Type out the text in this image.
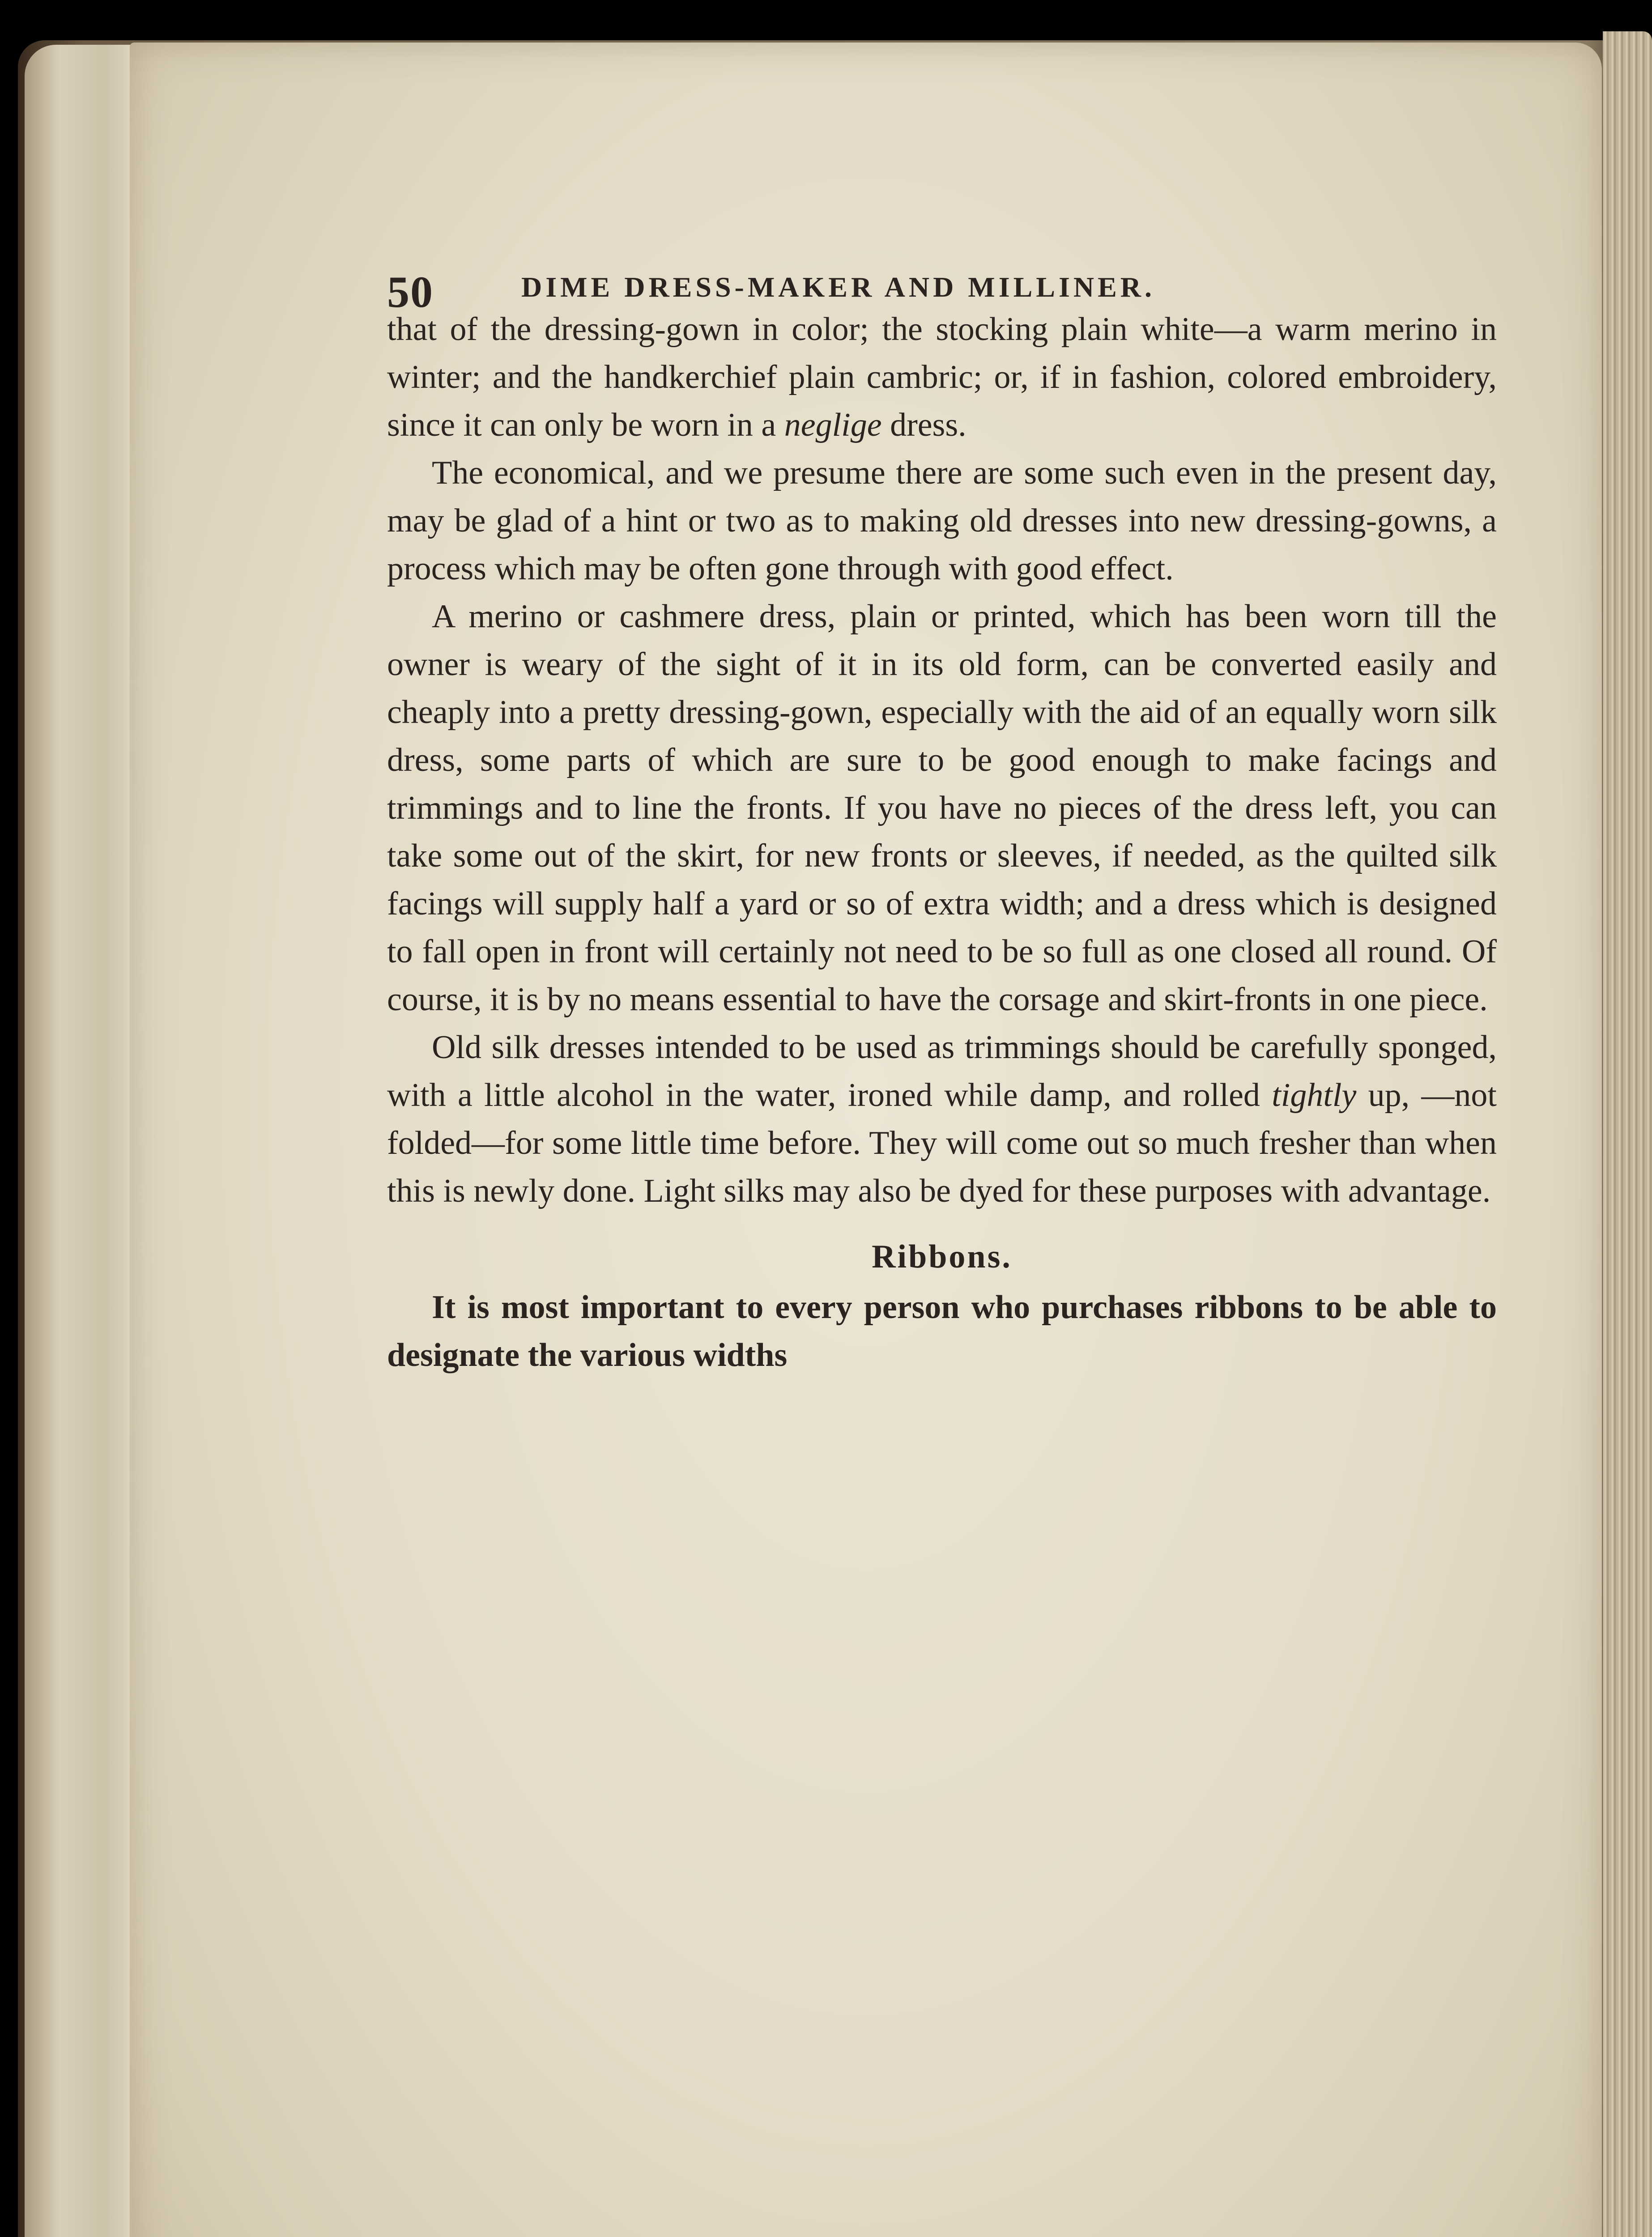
50	DIME DRESS-MAKER AND MILLINER.

that of the dressing-gown in color; the stocking plain white—a warm merino in winter; and the handkerchief plain cambric; or, if in fashion, colored embroidery, since it can only be worn in a neglige dress.

The economical, and we presume there are some such even in the present day, may be glad of a hint or two as to making old dresses into new dressing-gowns, a process which may be often gone through with good effect.

A merino or cashmere dress, plain or printed, which has been worn till the owner is weary of the sight of it in its old form, can be converted easily and cheaply into a pretty dressing-gown, especially with the aid of an equally worn silk dress, some parts of which are sure to be good enough to make facings and trimmings and to line the fronts. If you have no pieces of the dress left, you can take some out of the skirt, for new fronts or sleeves, if needed, as the quilted silk facings will supply half a yard or so of extra width; and a dress which is designed to fall open in front will certainly not need to be so full as one closed all round. Of course, it is by no means essential to have the corsage and skirt-fronts in one piece.

Old silk dresses intended to be used as trimmings should be carefully sponged, with a little alcohol in the water, ironed while damp, and rolled tightly up, —not folded—for some little time before. They will come out so much fresher than when this is newly done. Light silks may also be dyed for these purposes with advantage.

Ribbons.

It is most important to every person who purchases ribbons to be able to designate the various widths
